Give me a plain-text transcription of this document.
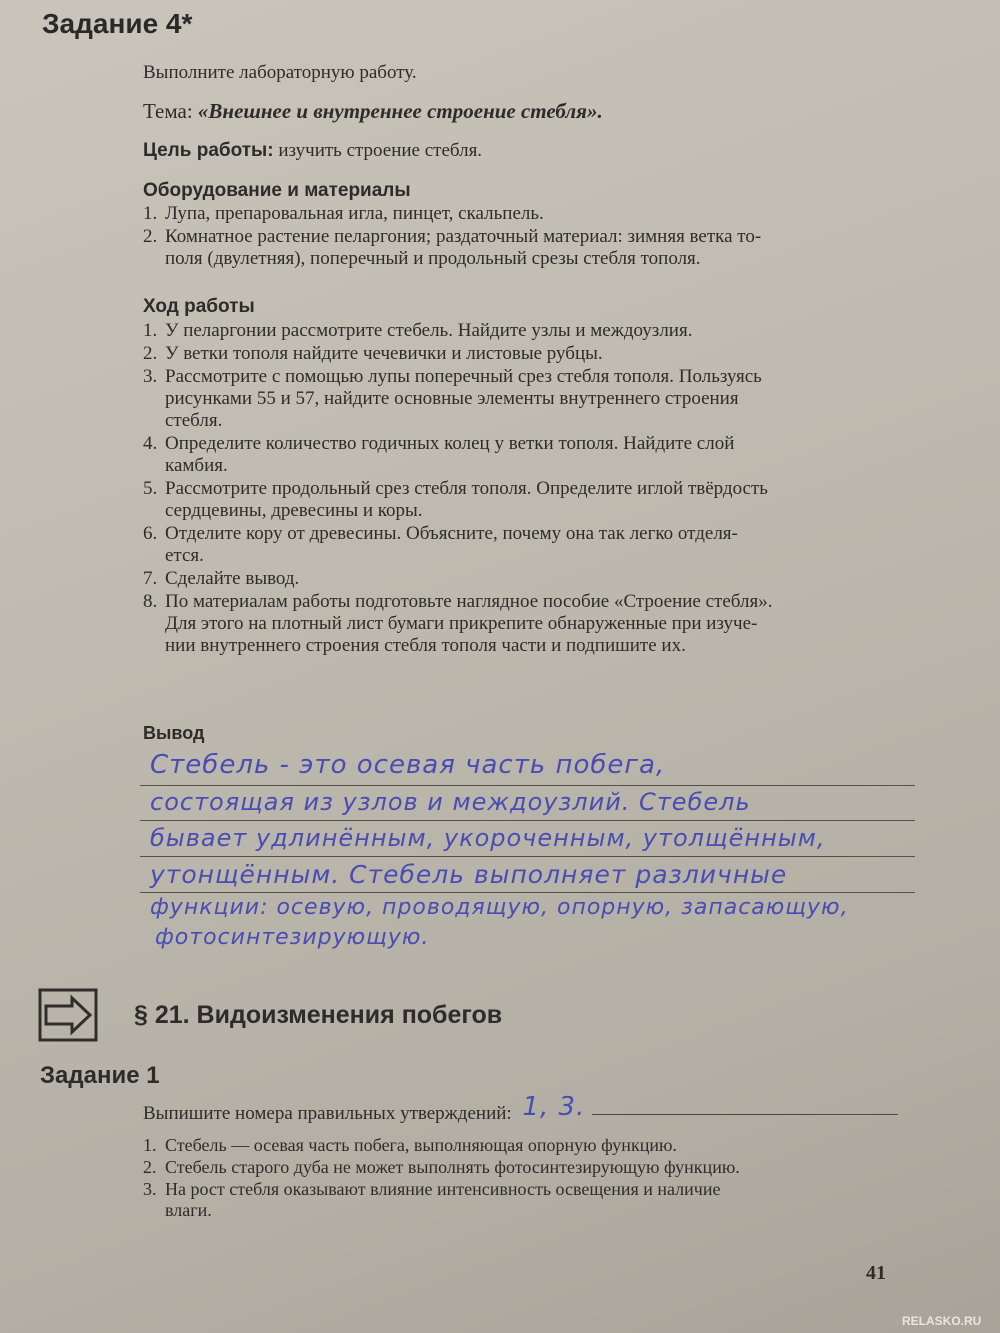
Задание 4*
Выполните лабораторную работу.
Тема: «Внешнее и внутреннее строение стебля».
Цель работы: изучить строение стебля.
Оборудование и материалы
1. Лупа, препаровальная игла, пинцет, скальпель.
2. Комнатное растение пеларгония; раздаточный материал: зимняя ветка то-
поля (двулетняя), поперечный и продольный срезы стебля тополя.
Ход работы
1. У пеларгонии рассмотрите стебель. Найдите узлы и междоузлия.
2. У ветки тополя найдите чечевички и листовые рубцы.
3. Рассмотрите с помощью лупы поперечный срез стебля тополя. Пользуясь
рисунками 55 и 57, найдите основные элементы внутреннего строения
стебля.
4. Определите количество годичных колец у ветки тополя. Найдите слой
камбия.
5. Рассмотрите продольный срез стебля тополя. Определите иглой твёрдость
сердцевины, древесины и коры.
6. Отделите кору от древесины. Объясните, почему она так легко отделя-
ется.
7. Сделайте вывод.
8. По материалам работы подготовьте наглядное пособие «Строение стебля».
Для этого на плотный лист бумаги прикрепите обнаруженные при изуче-
нии внутреннего строения стебля тополя части и подпишите их.
Вывод
Стебель - это осевая часть побега,
состоящая из узлов и междоузлий. Стебель
бывает удлинённым, укороченным, утолщённым,
утонщённым. Стебель выполняет различные
функции: осевую, проводящую, опорную, запасающую,
фотосинтезирующую.
§ 21. Видоизменения побегов
Задание 1
Выпишите номера правильных утверждений: 1, 3.
1. Стебель — осевая часть побега, выполняющая опорную функцию.
2. Стебель старого дуба не может выполнять фотосинтезирующую функцию.
3. На рост стебля оказывают влияние интенсивность освещения и наличие
влаги.
41
RELASKO.RU
